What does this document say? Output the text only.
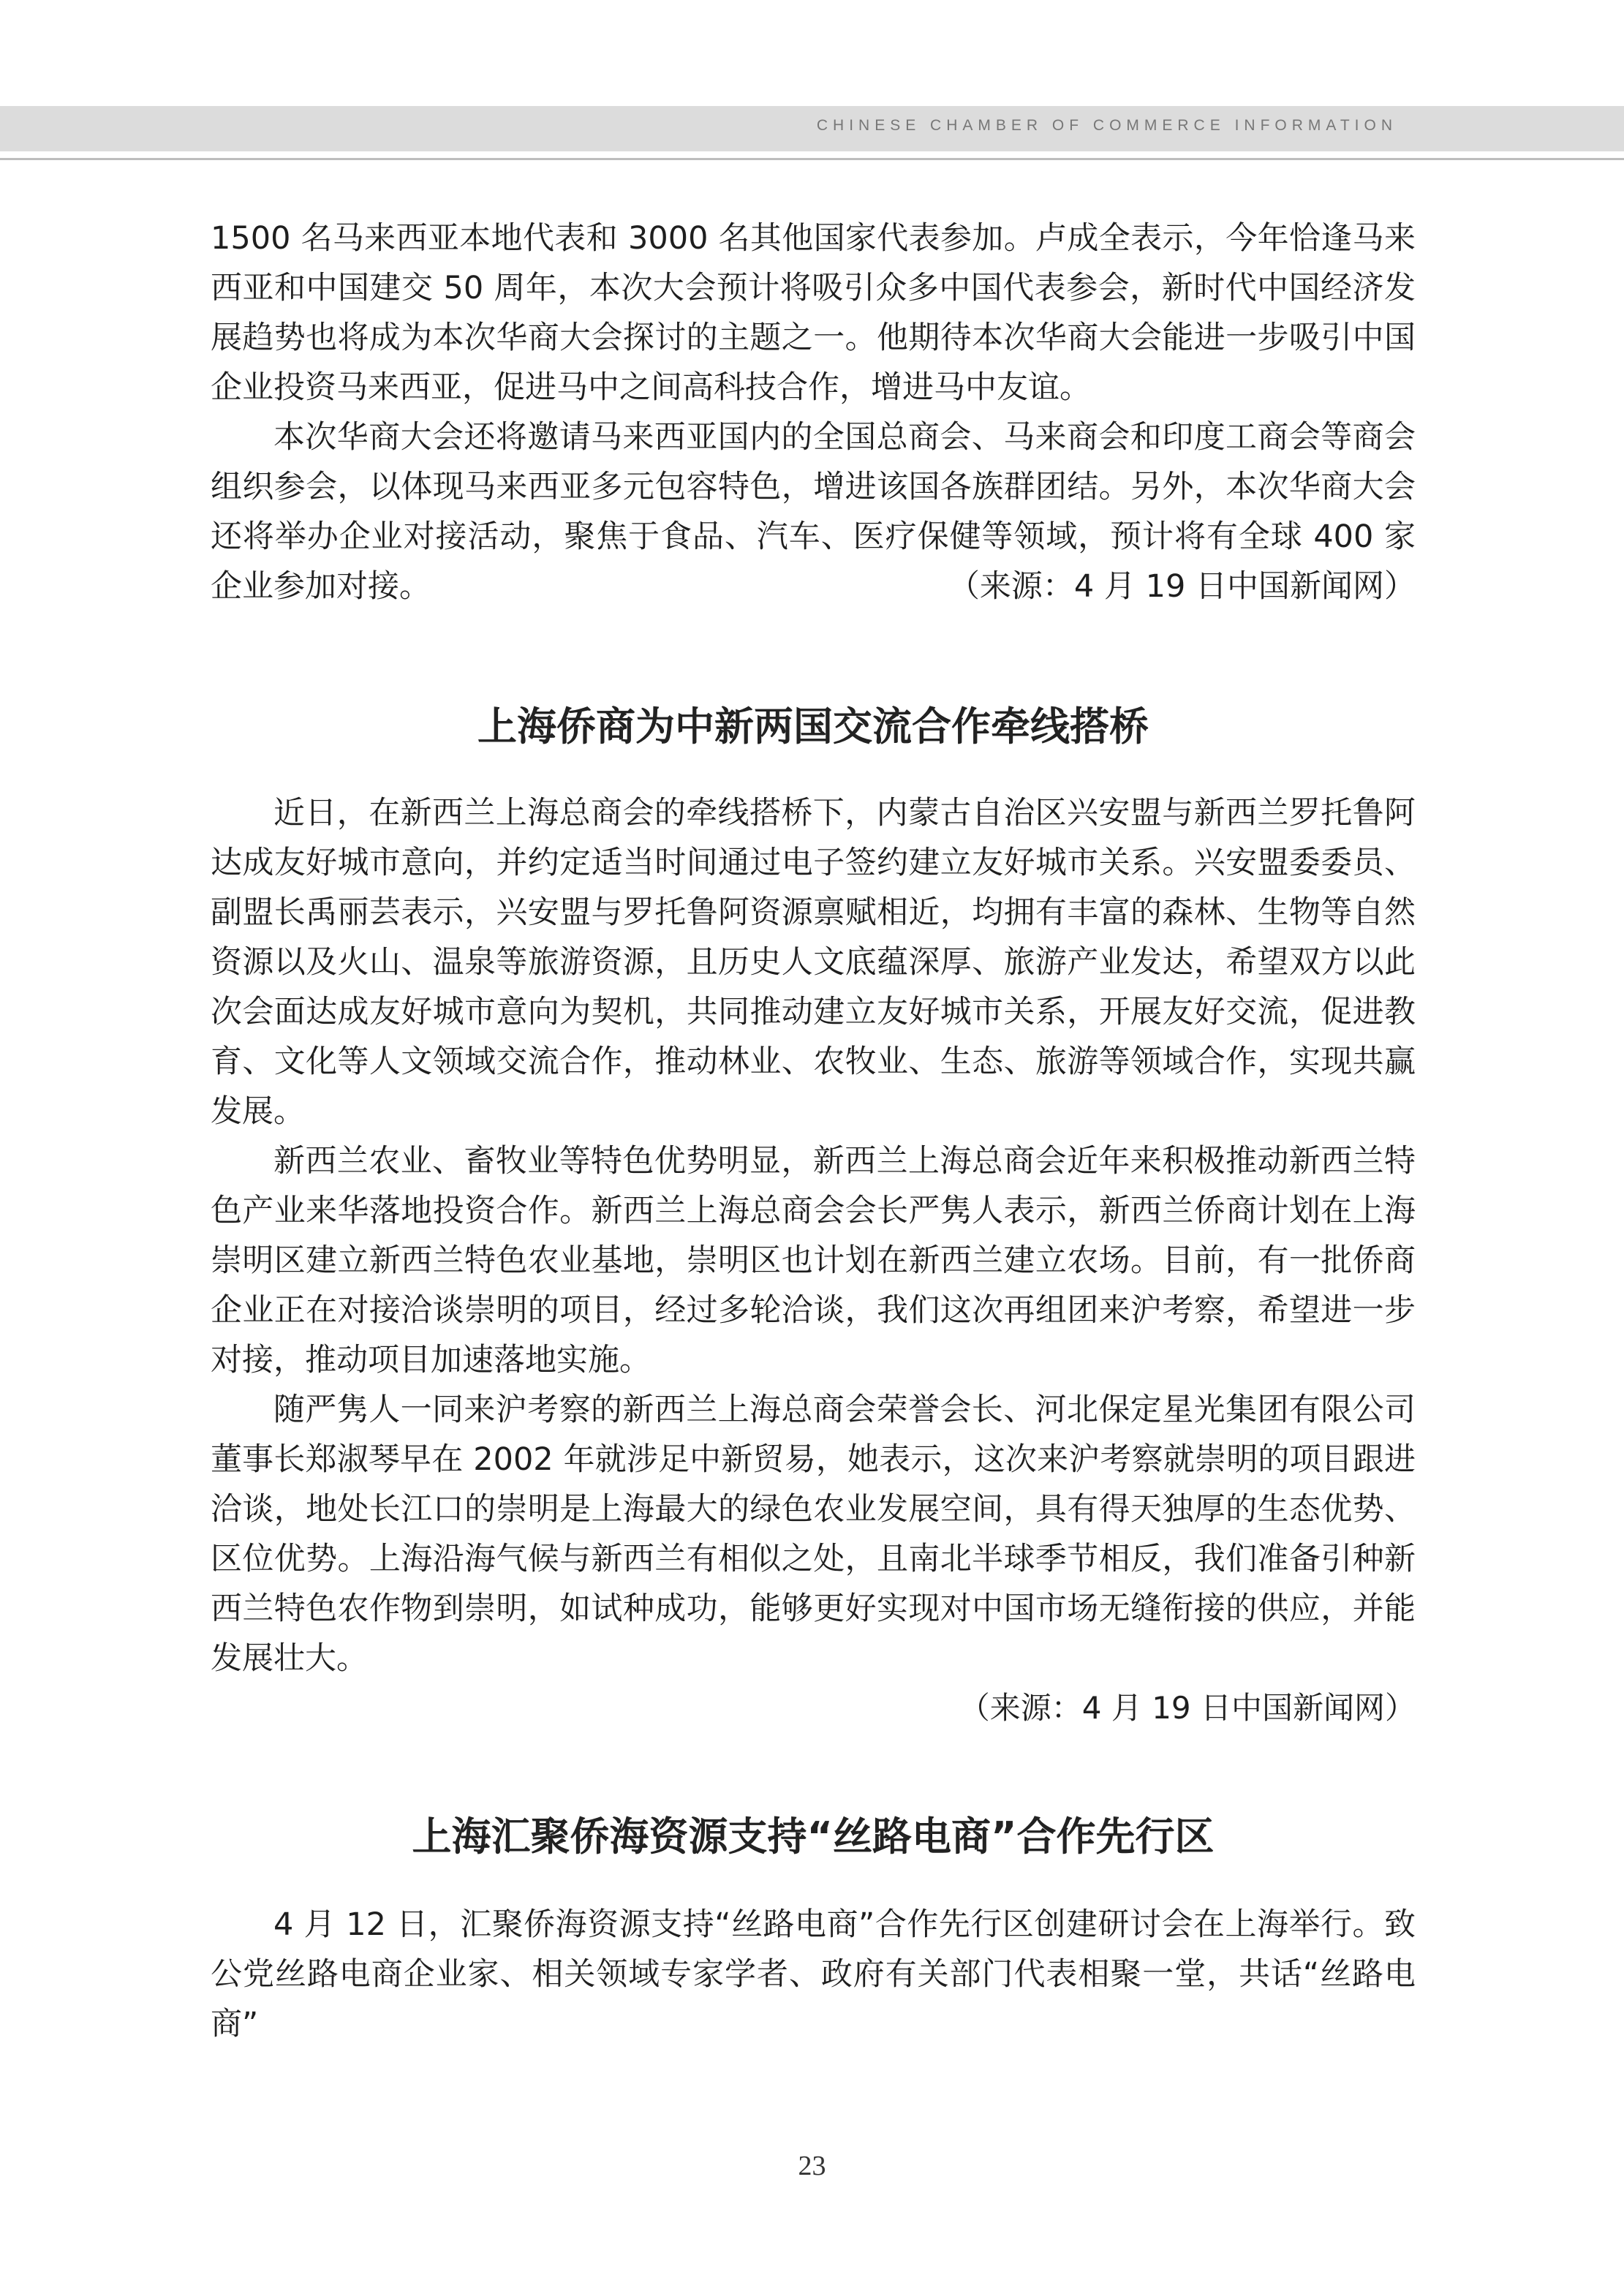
CHINESE CHAMBER OF COMMERCE INFORMATION

1500 名马来西亚本地代表和 3000 名其他国家代表参加。卢成全表示，今年恰逢马来西亚和中国建交 50 周年，本次大会预计将吸引众多中国代表参会，新时代中国经济发展趋势也将成为本次华商大会探讨的主题之一。他期待本次华商大会能进一步吸引中国企业投资马来西亚，促进马中之间高科技合作，增进马中友谊。

本次华商大会还将邀请马来西亚国内的全国总商会、马来商会和印度工商会等商会组织参会，以体现马来西亚多元包容特色，增进该国各族群团结。另外，本次华商大会还将举办企业对接活动，聚焦于食品、汽车、医疗保健等领域，预计将有全球 400 家企业参加对接。	（来源：4 月 19 日中国新闻网）

上海侨商为中新两国交流合作牵线搭桥

近日，在新西兰上海总商会的牵线搭桥下，内蒙古自治区兴安盟与新西兰罗托鲁阿达成友好城市意向，并约定适当时间通过电子签约建立友好城市关系。兴安盟委委员、副盟长禹丽芸表示，兴安盟与罗托鲁阿资源禀赋相近，均拥有丰富的森林、生物等自然资源以及火山、温泉等旅游资源，且历史人文底蕴深厚、旅游产业发达，希望双方以此次会面达成友好城市意向为契机，共同推动建立友好城市关系，开展友好交流，促进教育、文化等人文领域交流合作，推动林业、农牧业、生态、旅游等领域合作，实现共赢发展。

新西兰农业、畜牧业等特色优势明显，新西兰上海总商会近年来积极推动新西兰特色产业来华落地投资合作。新西兰上海总商会会长严隽人表示，新西兰侨商计划在上海崇明区建立新西兰特色农业基地，崇明区也计划在新西兰建立农场。目前，有一批侨商企业正在对接洽谈崇明的项目，经过多轮洽谈，我们这次再组团来沪考察，希望进一步对接，推动项目加速落地实施。

随严隽人一同来沪考察的新西兰上海总商会荣誉会长、河北保定星光集团有限公司董事长郑淑琴早在 2002 年就涉足中新贸易，她表示，这次来沪考察就崇明的项目跟进洽谈，地处长江口的崇明是上海最大的绿色农业发展空间，具有得天独厚的生态优势、区位优势。上海沿海气候与新西兰有相似之处，且南北半球季节相反，我们准备引种新西兰特色农作物到崇明，如试种成功，能够更好实现对中国市场无缝衔接的供应，并能发展壮大。

（来源：4 月 19 日中国新闻网）

上海汇聚侨海资源支持“丝路电商”合作先行区

4 月 12 日，汇聚侨海资源支持“丝路电商”合作先行区创建研讨会在上海举行。致公党丝路电商企业家、相关领域专家学者、政府有关部门代表相聚一堂，共话“丝路电商”

23
